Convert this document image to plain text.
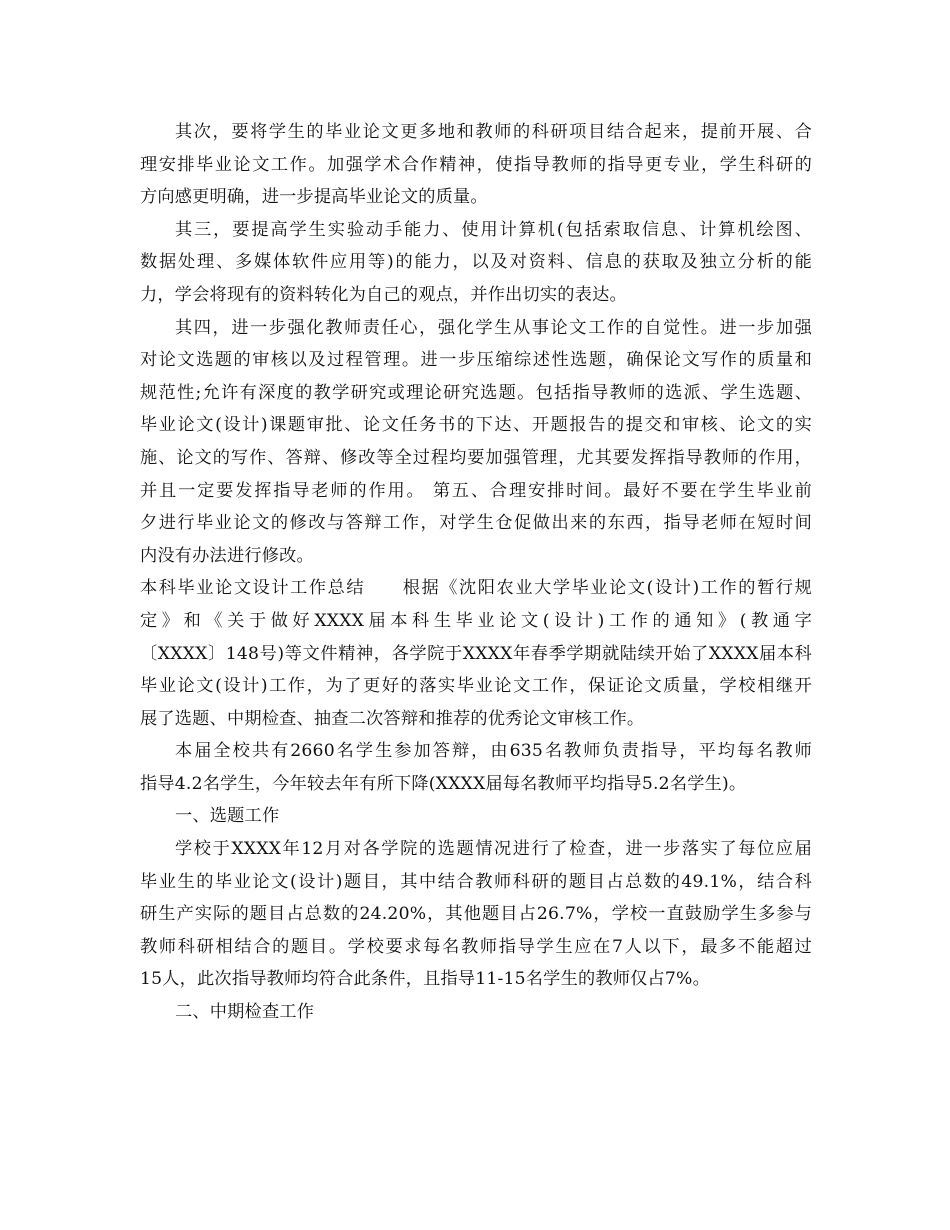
其次，要将学生的毕业论文更多地和教师的科研项目结合起来，提前开展、合
理安排毕业论文工作。加强学术合作精神，使指导教师的指导更专业，学生科研的
方向感更明确，进一步提高毕业论文的质量。
其三，要提高学生实验动手能力、使用计算机(包括索取信息、计算机绘图、
数据处理、多媒体软件应用等)的能力，以及对资料、信息的获取及独立分析的能
力，学会将现有的资料转化为自己的观点，并作出切实的表达。
其四，进一步强化教师责任心，强化学生从事论文工作的自觉性。进一步加强
对论文选题的审核以及过程管理。进一步压缩综述性选题，确保论文写作的质量和
规范性;允许有深度的教学研究或理论研究选题。包括指导教师的选派、学生选题、
毕业论文(设计)课题审批、论文任务书的下达、开题报告的提交和审核、论文的实
施、论文的写作、答辩、修改等全过程均要加强管理，尤其要发挥指导教师的作用，
并且一定要发挥指导老师的作用。 第五、合理安排时间。最好不要在学生毕业前
夕进行毕业论文的修改与答辩工作，对学生仓促做出来的东西，指导老师在短时间
内没有办法进行修改。
本科毕业论文设计工作总结　　根据《沈阳农业大学毕业论文(设计)工作的暂行规
定》和《关于做好XXXX届本科生毕业论文(设计)工作的通知》(教通字
〔XXXX〕148号)等文件精神，各学院于XXXX年春季学期就陆续开始了XXXX届本科
毕业论文(设计)工作，为了更好的落实毕业论文工作，保证论文质量，学校相继开
展了选题、中期检查、抽查二次答辩和推荐的优秀论文审核工作。
本届全校共有2660名学生参加答辩，由635名教师负责指导，平均每名教师
指导4.2名学生，今年较去年有所下降(XXXX届每名教师平均指导5.2名学生)。
一、选题工作
学校于XXXX年12月对各学院的选题情况进行了检查，进一步落实了每位应届
毕业生的毕业论文(设计)题目，其中结合教师科研的题目占总数的49.1%，结合科
研生产实际的题目占总数的24.20%，其他题目占26.7%，学校一直鼓励学生多参与
教师科研相结合的题目。学校要求每名教师指导学生应在7人以下，最多不能超过
15人，此次指导教师均符合此条件，且指导11-15名学生的教师仅占7%。
二、中期检查工作
